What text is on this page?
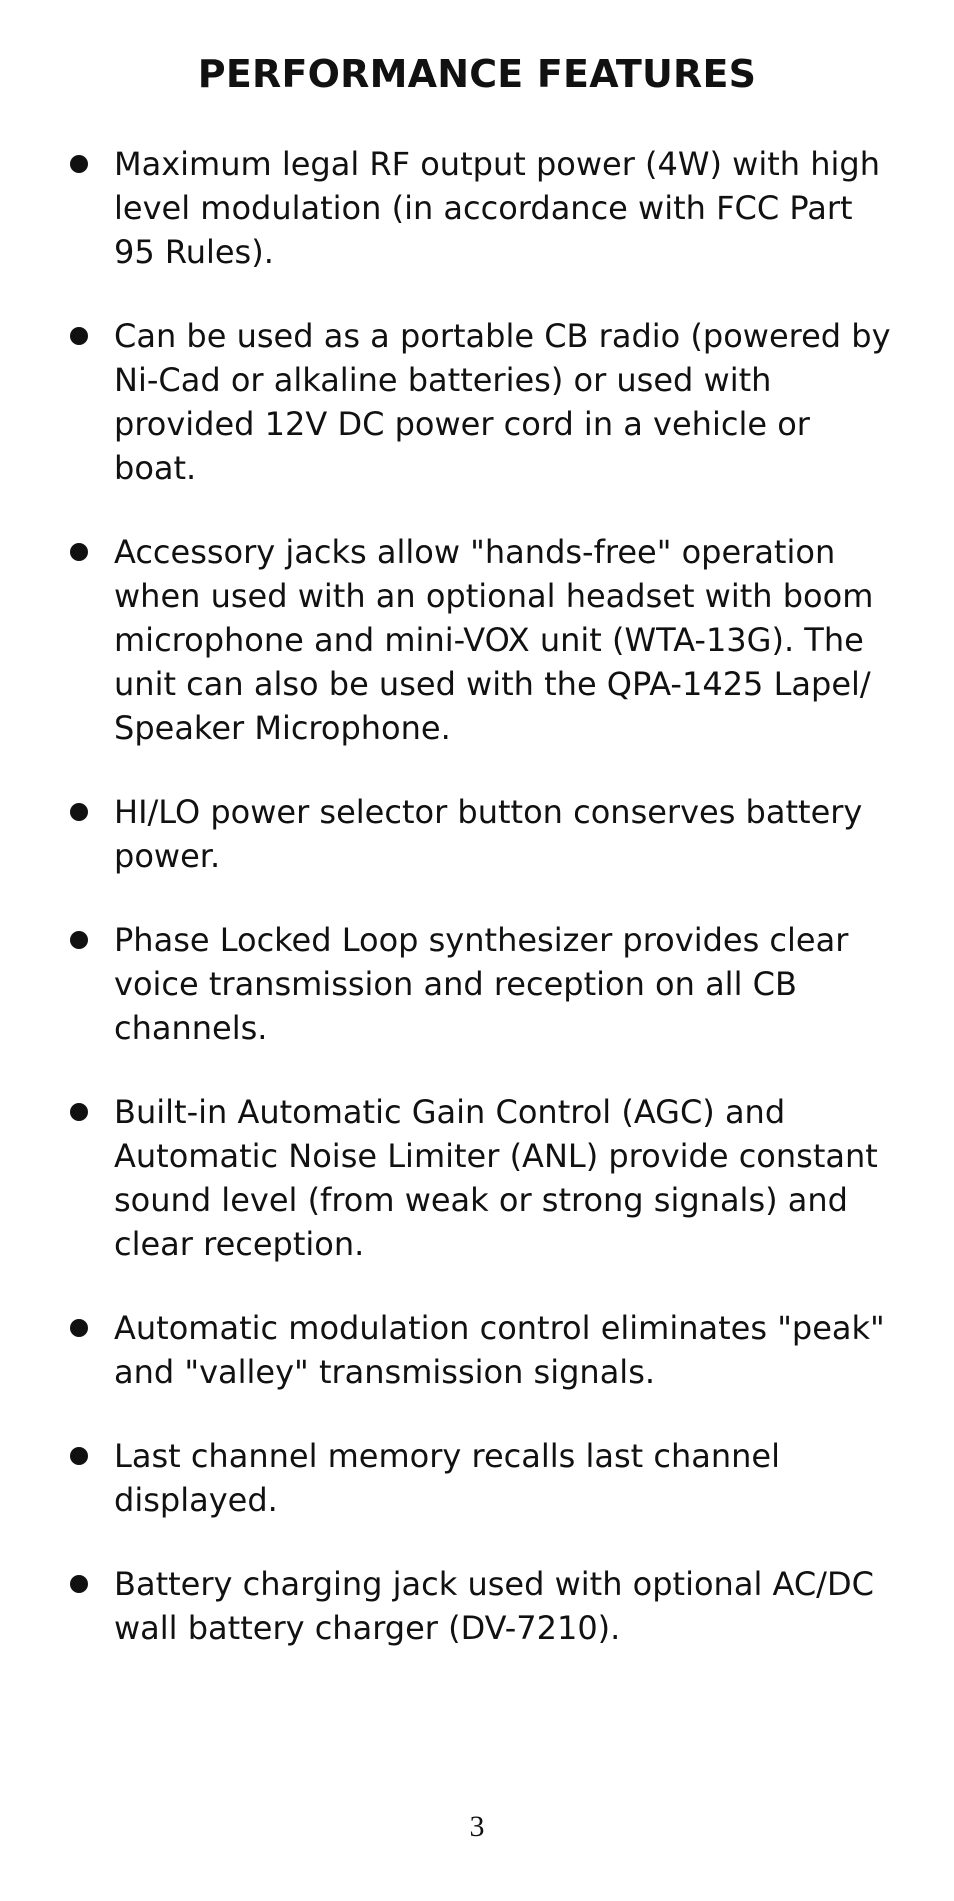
PERFORMANCE FEATURES
Maximum legal RF output power (4W) with high level modulation (in accordance with FCC Part 95 Rules).
Can be used as a portable CB radio (powered by Ni-Cad or alkaline batteries) or used with provided 12V DC power cord in a vehicle or boat.
Accessory jacks allow "hands-free" operation when used with an optional headset with boom microphone and mini-VOX unit (WTA-13G). The unit can also be used with the QPA-1425 Lapel/ Speaker Microphone.
HI/LO power selector button conserves battery power.
Phase Locked Loop synthesizer provides clear voice transmission and reception on all CB channels.
Built-in Automatic Gain Control (AGC) and Automatic Noise Limiter (ANL) provide constant sound level (from weak or strong signals) and clear reception.
Automatic modulation control eliminates "peak" and "valley" transmission signals.
Last channel memory recalls last channel displayed.
Battery charging jack used with optional AC/DC wall battery charger (DV-7210).
3
